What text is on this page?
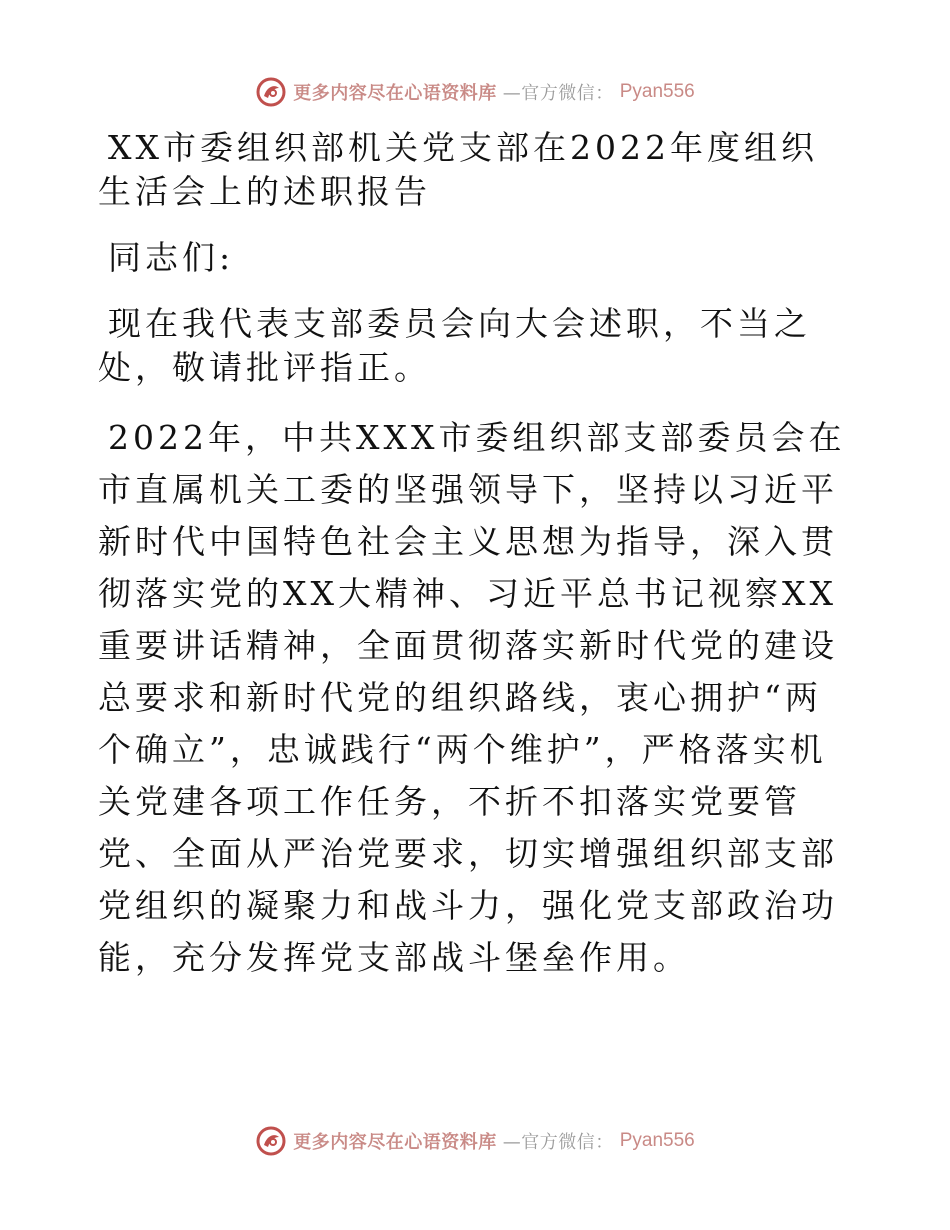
更多内容尽在心语资料库 —官方微信： Pyan556

XX市委组织部机关党支部在2022年度组织生活会上的述职报告

同志们:

现在我代表支部委员会向大会述职，不当之处，敬请批评指正。

2022年，中共XXX市委组织部支部委员会在市直属机关工委的坚强领导下，坚持以习近平新时代中国特色社会主义思想为指导，深入贯彻落实党的XX大精神、习近平总书记视察XX重要讲话精神，全面贯彻落实新时代党的建设总要求和新时代党的组织路线，衷心拥护“两个确立”，忠诚践行“两个维护”，严格落实机关党建各项工作任务，不折不扣落实党要管党、全面从严治党要求，切实增强组织部支部党组织的凝聚力和战斗力，强化党支部政治功能，充分发挥党支部战斗堡垒作用。

更多内容尽在心语资料库 —官方微信： Pyan556
